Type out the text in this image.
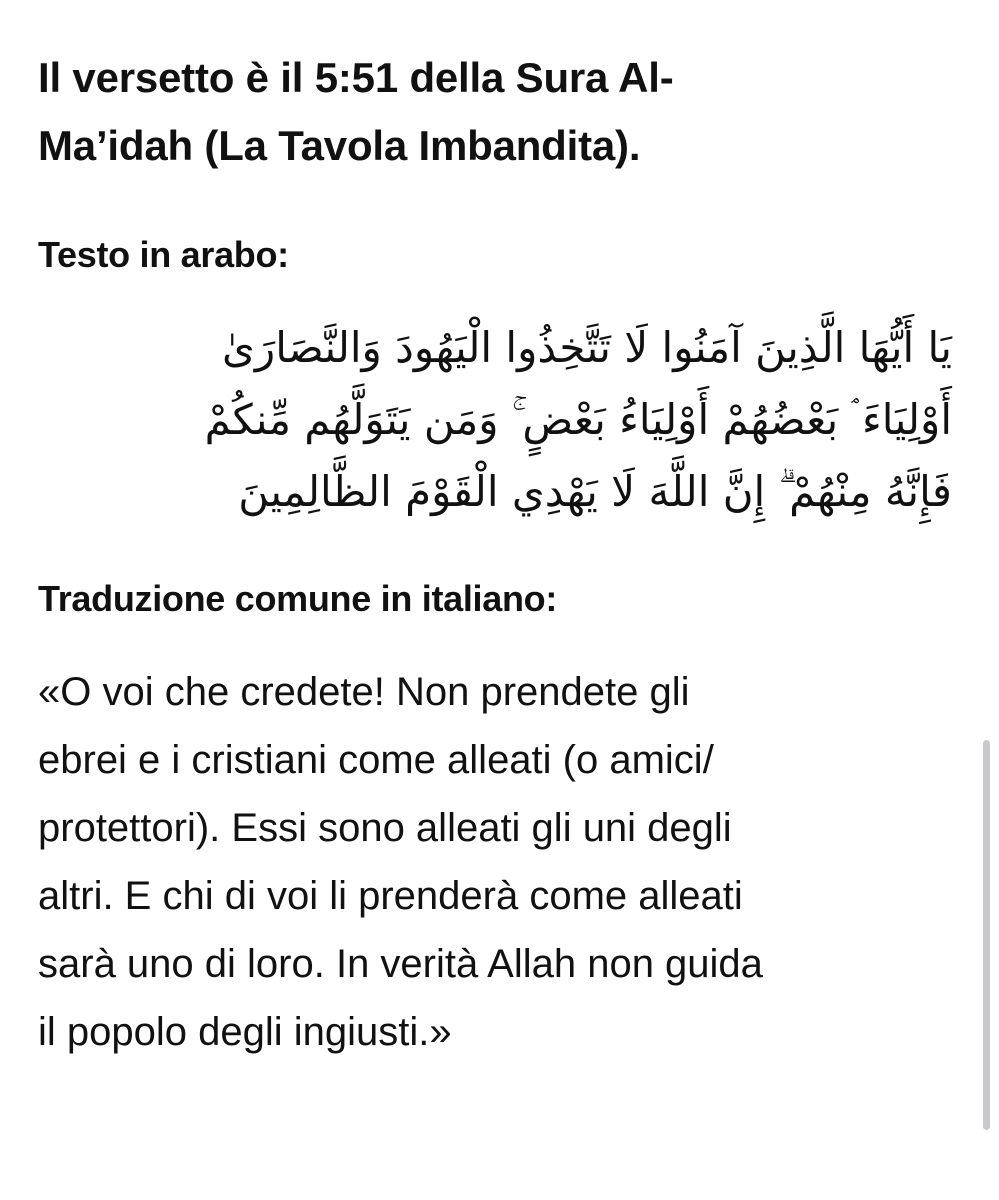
Il versetto è il 5:51 della Sura Al-
Ma’idah (La Tavola Imbandita).
Testo in arabo:
يَا أَيُّهَا الَّذِينَ آمَنُوا لَا تَتَّخِذُوا الْيَهُودَ وَالنَّصَارَىٰ
أَوْلِيَاءَ ۘ بَعْضُهُمْ أَوْلِيَاءُ بَعْضٍ ۚ وَمَن يَتَوَلَّهُم مِّنكُمْ
فَإِنَّهُ مِنْهُمْ ۗ إِنَّ اللَّهَ لَا يَهْدِي الْقَوْمَ الظَّالِمِينَ
Traduzione comune in italiano:
«O voi che credete! Non prendete gli
ebrei e i cristiani come alleati (o amici/
protettori). Essi sono alleati gli uni degli
altri. E chi di voi li prenderà come alleati
sarà uno di loro. In verità Allah non guida
il popolo degli ingiusti.»
